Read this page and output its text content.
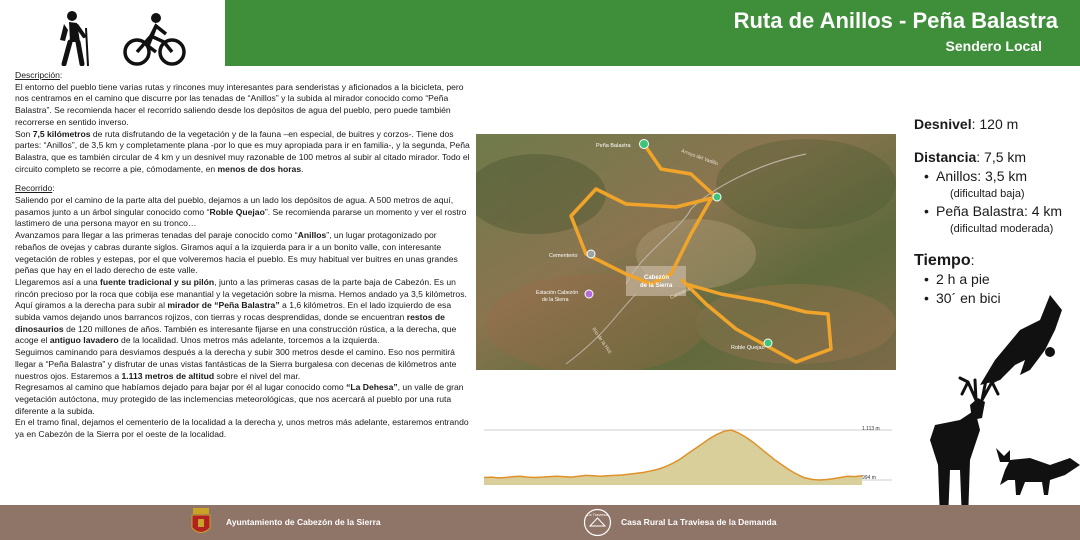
Ruta de Anillos - Peña Balastra
Sendero Local

Descripción:

El entorno del pueblo tiene varias rutas y rincones muy interesantes para senderistas y aficionados a la bicicleta, pero nos centramos en el camino que discurre por las tenadas de “Anillos” y la subida al mirador conocido como “Peña Balastra”. Se recomienda hacer el recorrido saliendo desde los depósitos de agua del pueblo, pero puede también recorrerse en sentido inverso.

Son 7,5 kilómetros de ruta disfrutando de la vegetación y de la fauna –en especial, de buitres y corzos-. Tiene dos partes: “Anillos”, de 3,5 km y completamente plana -por lo que es muy apropiada para ir en familia-, y la segunda, Peña Balastra, que es también circular de 4 km y un desnivel muy razonable de 100 metros al subir al citado mirador. Todo el circuito completo se recorre a pie, cómodamente, en menos de dos horas.

Recorrido:

Saliendo por el camino de la parte alta del pueblo, dejamos a un lado los depósitos de agua. A 500 metros de aquí, pasamos junto a un árbol singular conocido como “Roble Quejao”. Se recomienda pararse un momento y ver el rostro lastimero de una persona mayor en su tronco…

Avanzamos para llegar a las primeras tenadas del paraje conocido como “Anillos”, un lugar protagonizado por rebaños de ovejas y cabras durante siglos. Giramos aquí a la izquierda para ir a un bonito valle, con interesante vegetación de robles y estepas, por el que volveremos hacia el pueblo. Es muy habitual ver buitres en unas grandes peñas que hay en el lado derecho de este valle.

Llegaremos así a una fuente tradicional y su pilón, junto a las primeras casas de la parte baja de Cabezón. Es un rincón precioso por la roca que cobija ese manantial y la vegetación sobre la misma. Hemos andado ya 3,5 kilómetros.

Aquí giramos a la derecha para subir al mirador de “Peña Balastra” a 1,6 kilómetros. En el lado izquierdo de esa subida vamos dejando unos barrancos rojizos, con tierras y rocas desprendidas, donde se encuentran restos de dinosaurios de 120 millones de años. También es interesante fijarse en una construcción rústica, a la derecha, que acoge el antiguo lavadero de la localidad. Unos metros más adelante, torcemos a la izquierda.

Seguimos caminando para desviamos después a la derecha y subir 300 metros desde el camino. Eso nos permitirá llegar a “Peña Balastra” y disfrutar de unas vistas fantásticas de la Sierra burgalesa con decenas de kilómetros ante nuestros ojos. Estaremos a 1.113 metros de altitud sobre el nivel del mar.

Regresamos al camino que habíamos dejado para bajar por él al lugar conocido como “La Dehesa”, un valle de gran vegetación autóctona, muy protegido de las inclemencias meteorológicas, que nos acercará al pueblo por una ruta diferente a la subida.

En el tramo final, dejamos el cementerio de la localidad a la derecha y, unos metros más adelante, estaremos entrando ya en Cabezón de la Sierra por el oeste de la localidad.

Peña Balastra
Arroyo del Vadillo
Cementerio
Cabezón
de la Sierra
Estación Cabezón
de la Sierra
Río de la Hoz
Carretera
Roble Quejao
1.113 m
994 m

Desnivel: 120 m

Distancia: 7,5 km

• Anillos: 3,5 km
(dificultad baja)
• Peña Balastra: 4 km
(dificultad moderada)

Tiempo:

• 2 h a pie
• 30´ en bici
Ayuntamiento de Cabezón de la Sierra
La Traviesa
Casa Rural La Traviesa de la Demanda
